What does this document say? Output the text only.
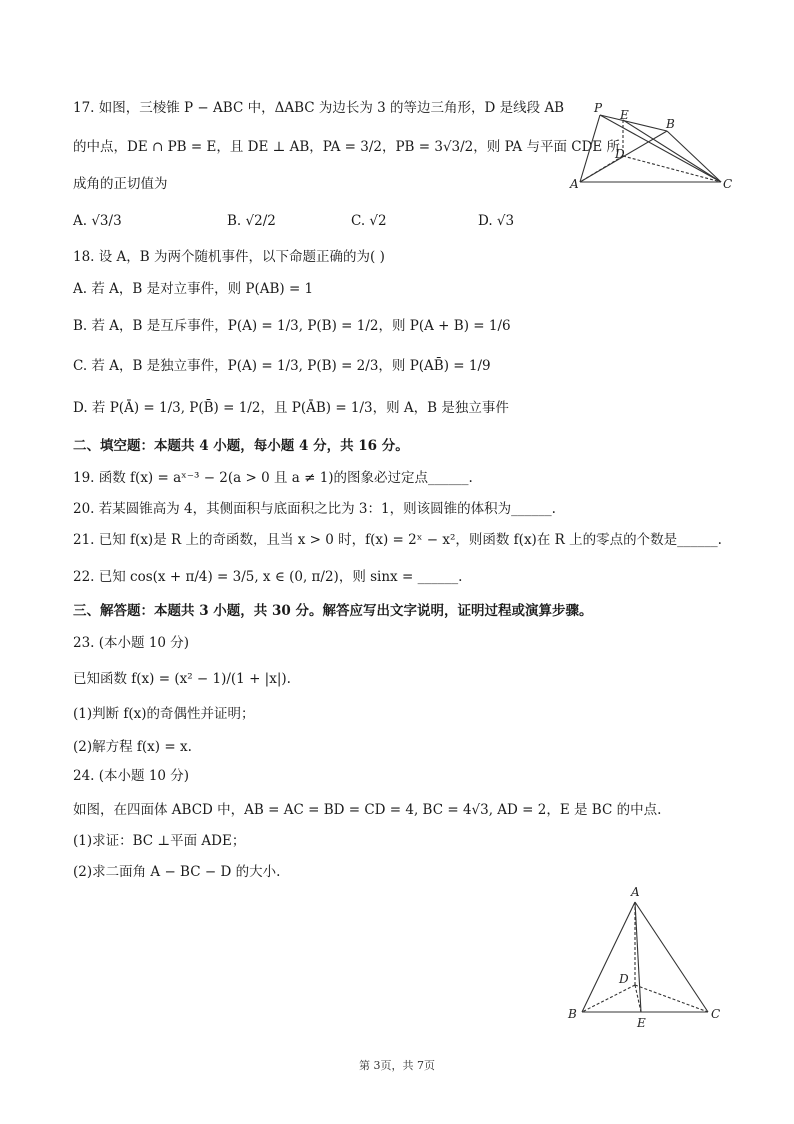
17. 如图，三棱锥 P − ABC 中，ΔABC 为边长为 3 的等边三角形，D 是线段 AB
的中点，DE ∩ PB = E，且 DE ⊥ AB，PA = 3/2，PB = 3√3/2，则 PA 与平面 CDE 所
成角的正切值为
A. √3/3	B. √2/2	C. √2	D. √3
P E
B
D
A	C
18. 设 A，B 为两个随机事件，以下命题正确的为( )
A. 若 A，B 是对立事件，则 P(AB) = 1
B. 若 A，B 是互斥事件，P(A) = 1/3, P(B) = 1/2，则 P(A + B) = 1/6
C. 若 A，B 是独立事件，P(A) = 1/3, P(B) = 2/3，则 P(AB̄) = 1/9
D. 若 P(Ā) = 1/3, P(B̄) = 1/2，且 P(ĀB) = 1/3，则 A，B 是独立事件
二、填空题：本题共 4 小题，每小题 4 分，共 16 分。
19. 函数 f(x) = aˣ⁻³ − 2(a > 0 且 a ≠ 1)的图象必过定点______.
20. 若某圆锥高为 4，其侧面积与底面积之比为 3：1，则该圆锥的体积为______.
21. 已知 f(x)是 R 上的奇函数，且当 x > 0 时，f(x) = 2ˣ − x²，则函数 f(x)在 R 上的零点的个数是______.
22. 已知 cos(x + π/4) = 3/5, x ∈ (0, π/2)，则 sinx = ______.
三、解答题：本题共 3 小题，共 30 分。解答应写出文字说明，证明过程或演算步骤。
23. (本小题 10 分)
已知函数 f(x) = (x² − 1)/(1 + |x|).
(1)判断 f(x)的奇偶性并证明；
(2)解方程 f(x) = x.
24. (本小题 10 分)
如图，在四面体 ABCD 中，AB = AC = BD = CD = 4, BC = 4√3, AD = 2，E 是 BC 的中点.
(1)求证：BC ⊥平面 ADE；
(2)求二面角 A − BC − D 的大小.
A
D
B
E
C
第 3页，共 7页
